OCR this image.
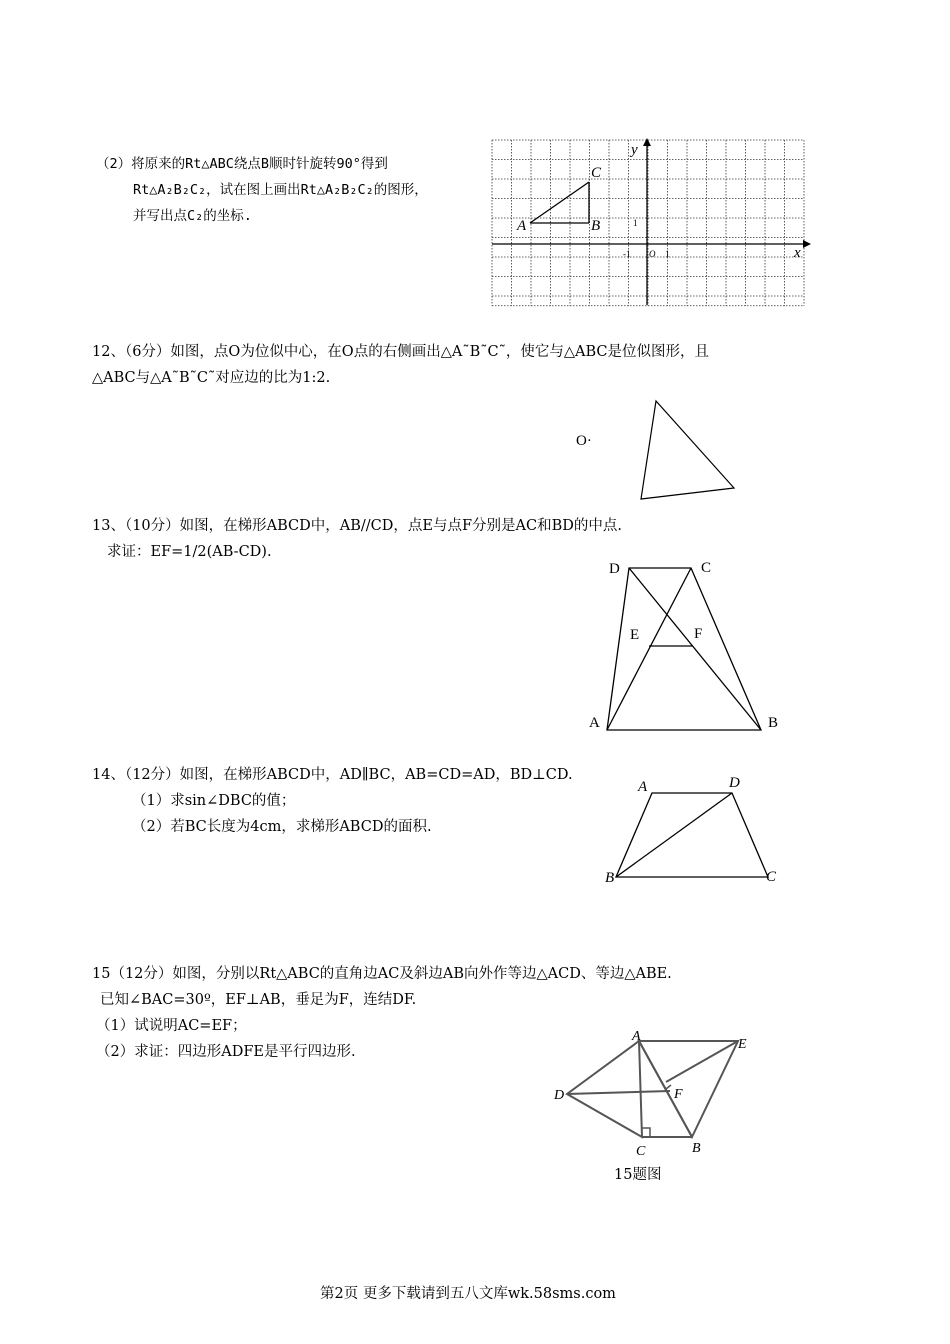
（2）将原来的Rt△ABC绕点B顺时针旋转90°得到
Rt△A₂B₂C₂，试在图上画出Rt△A₂B₂C₂的图形，
并写出点C₂的坐标.
y
x
O
-1	1
1
A	B
C
12、（6分）如图，点O为位似中心，在O点的右侧画出△A˜B˜C˜，使它与△ABC是位似图形，且
△ABC与△A˜B˜C˜对应边的比为1:2.
O·
13、（10分）如图，在梯形ABCD中，AB//CD，点E与点F分别是AC和BD的中点.
求证：EF=1/2(AB-CD).
D	C
E	F
A	B
14、（12分）如图，在梯形ABCD中，AD∥BC，AB=CD=AD，BD⊥CD.
（1）求sin∠DBC的值；
（2）若BC长度为4cm，求梯形ABCD的面积.
A	D
B	C
15（12分）如图，分别以Rt△ABC的直角边AC及斜边AB向外作等边△ACD、等边△ABE.
已知∠BAC=30º，EF⊥AB，垂足为F，连结DF.
（1）试说明AC=EF；
（2）求证：四边形ADFE是平行四边形.
A
E
D	F
C	B
15题图
第2页 更多下载请到五八文库wk.58sms.com
